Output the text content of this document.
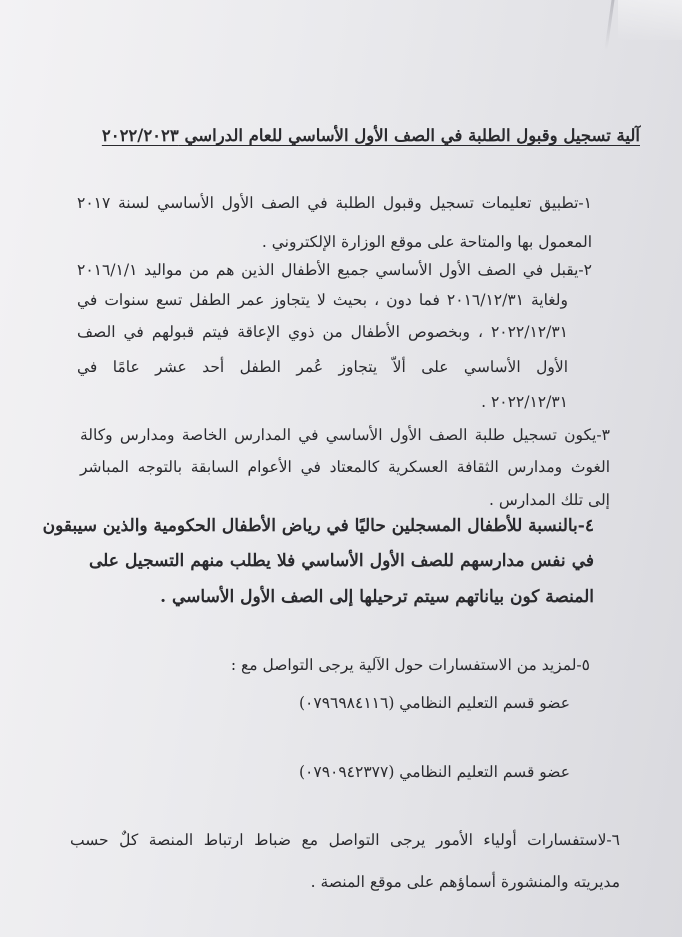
آلية تسجيل وقبول الطلبة في الصف الأول الأساسي للعام الدراسي ٢٠٢٢/٢٠٢٣
١-تطبيق تعليمات تسجيل وقبول الطلبة في الصف الأول الأساسي لسنة ٢٠١٧
المعمول بها والمتاحة على موقع الوزارة الإلكتروني .
٢-يقبل في الصف الأول الأساسي جميع الأطفال الذين هم من مواليد ٢٠١٦/١/١
ولغاية ٢٠١٦/١٢/٣١ فما دون ، بحيث لا يتجاوز عمر الطفل تسع سنوات في
٢٠٢٢/١٢/٣١ ، وبخصوص الأطفال من ذوي الإعاقة فيتم قبولهم في الصف
الأول الأساسي على ألاّ يتجاوز عُمر الطفل أحد عشر عامًا في
٢٠٢٢/١٢/٣١ .
٣-يكون تسجيل طلبة الصف الأول الأساسي في المدارس الخاصة ومدارس وكالة
الغوث ومدارس الثقافة العسكرية كالمعتاد في الأعوام السابقة بالتوجه المباشر
إلى تلك المدارس .
٤-بالنسبة للأطفال المسجلين حاليًا في رياض الأطفال الحكومية والذين سيبقون
في نفس مدارسهم للصف الأول الأساسي فلا يطلب منهم التسجيل على
المنصة كون بياناتهم سيتم ترحيلها إلى الصف الأول الأساسي .
٥-لمزيد من الاستفسارات حول الآلية يرجى التواصل مع :
عضو قسم التعليم النظامي (٠٧٩٦٩٨٤١١٦)
عضو قسم التعليم النظامي (٠٧٩٠٩٤٢٣٧٧)
٦-لاستفسارات أولياء الأمور يرجى التواصل مع ضباط ارتباط المنصة كلٌ حسب
مديريته والمنشورة أسماؤهم على موقع المنصة .
